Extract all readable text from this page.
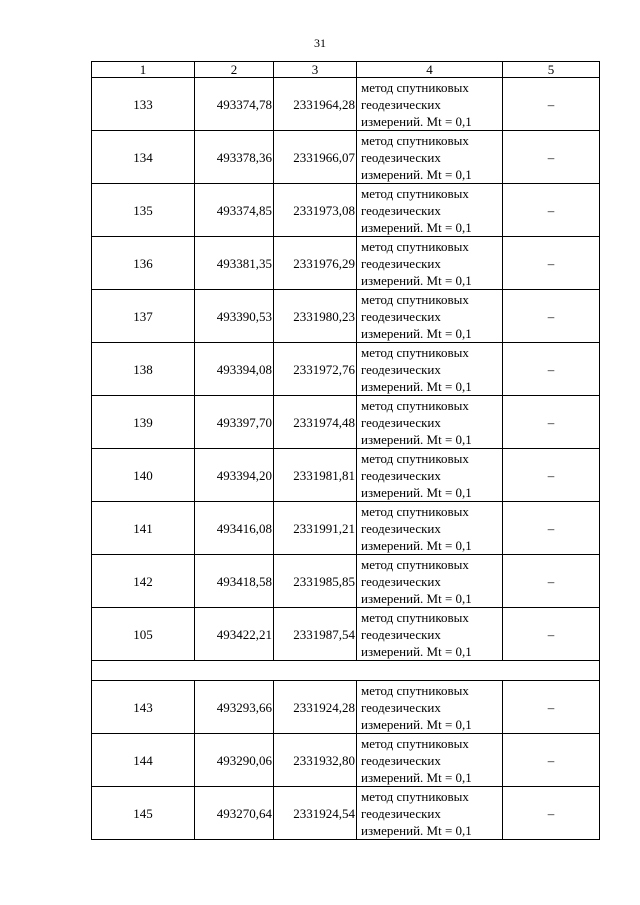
31
1	2	3	4	5
133	493374,78	2331964,28	метод спутниковых
геодезических
измерений. Mt = 0,1	–
134	493378,36	2331966,07	метод спутниковых
геодезических
измерений. Mt = 0,1	–
135	493374,85	2331973,08	метод спутниковых
геодезических
измерений. Mt = 0,1	–
136	493381,35	2331976,29	метод спутниковых
геодезических
измерений. Mt = 0,1	–
137	493390,53	2331980,23	метод спутниковых
геодезических
измерений. Mt = 0,1	–
138	493394,08	2331972,76	метод спутниковых
геодезических
измерений. Mt = 0,1	–
139	493397,70	2331974,48	метод спутниковых
геодезических
измерений. Mt = 0,1	–
140	493394,20	2331981,81	метод спутниковых
геодезических
измерений. Mt = 0,1	–
141	493416,08	2331991,21	метод спутниковых
геодезических
измерений. Mt = 0,1	–
142	493418,58	2331985,85	метод спутниковых
геодезических
измерений. Mt = 0,1	–
105	493422,21	2331987,54	метод спутниковых
геодезических
измерений. Mt = 0,1	–

143	493293,66	2331924,28	метод спутниковых
геодезических
измерений. Mt = 0,1	–
144	493290,06	2331932,80	метод спутниковых
геодезических
измерений. Mt = 0,1	–
145	493270,64	2331924,54	метод спутниковых
геодезических
измерений. Mt = 0,1	–
